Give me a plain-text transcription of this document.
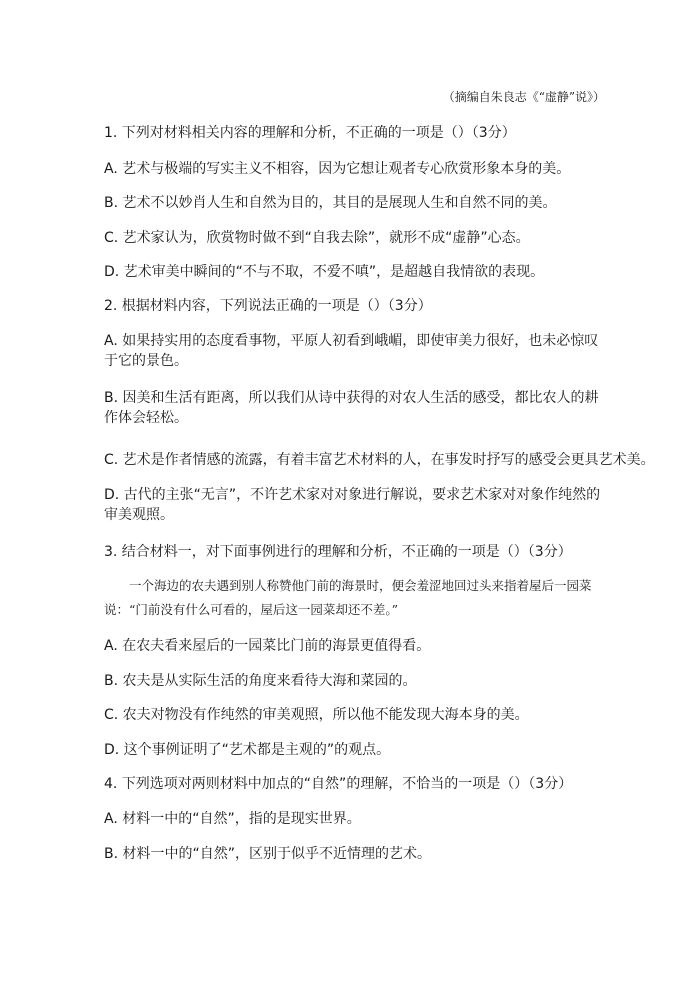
（摘编自朱良志《“虚静”说》）
1. 下列对材料相关内容的理解和分析，不正确的一项是（）（3分）
A. 艺术与极端的写实主义不相容，因为它想让观者专心欣赏形象本身的美。
B. 艺术不以妙肖人生和自然为目的，其目的是展现人生和自然不同的美。
C. 艺术家认为，欣赏物时做不到“自我去除”，就形不成“虚静”心态。
D. 艺术审美中瞬间的“不与不取，不爱不嗔”，是超越自我情欲的表现。
2. 根据材料内容，下列说法正确的一项是（）（3分）
A. 如果持实用的态度看事物，平原人初看到峨嵋，即使审美力很好，也未必惊叹于它的景色。
B. 因美和生活有距离，所以我们从诗中获得的对农人生活的感受，都比农人的耕作体会轻松。
C. 艺术是作者情感的流露，有着丰富艺术材料的人，在事发时抒写的感受会更具艺术美。
D. 古代的主张“无言”，不许艺术家对对象进行解说，要求艺术家对对象作纯然的审美观照。
3. 结合材料一，对下面事例进行的理解和分析，不正确的一项是（）（3分）
一个海边的农夫遇到别人称赞他门前的海景时，便会羞涩地回过头来指着屋后一园菜说：“门前没有什么可看的，屋后这一园菜却还不差。”
A. 在农夫看来屋后的一园菜比门前的海景更值得看。
B. 农夫是从实际生活的角度来看待大海和菜园的。
C. 农夫对物没有作纯然的审美观照，所以他不能发现大海本身的美。
D. 这个事例证明了“艺术都是主观的”的观点。
4. 下列选项对两则材料中加点的“自然”的理解，不恰当的一项是（）（3分）
A. 材料一中的“自然”，指的是现实世界。
B. 材料一中的“自然”，区别于似乎不近情理的艺术。
